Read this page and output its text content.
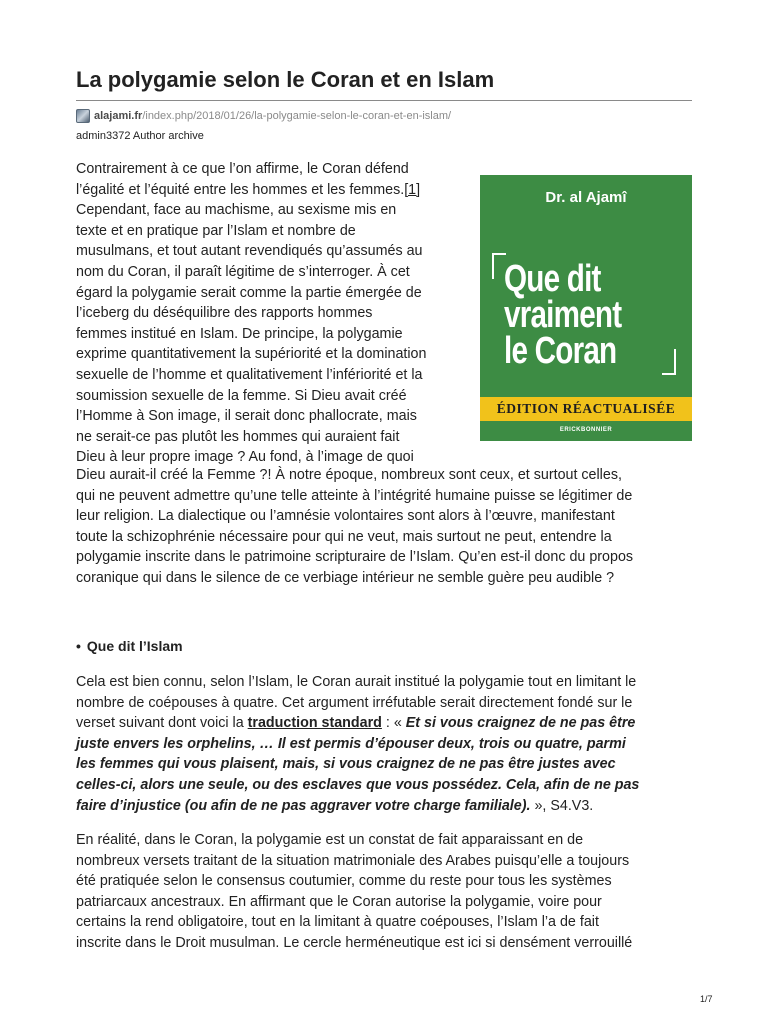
La polygamie selon le Coran et en Islam
alajami.fr /index.php/2018/01/26/la-polygamie-selon-le-coran-et-en-islam/
admin3372 Author archive
Contrairement à ce que l’on affirme, le Coran défend
l’égalité et l’équité entre les hommes et les femmes.[1]
Cependant, face au machisme, au sexisme mis en
texte et en pratique par l’Islam et nombre de
musulmans, et tout autant revendiqués qu’assumés au
nom du Coran, il paraît légitime de s’interroger. À cet
égard la polygamie serait comme la partie émergée de
l’iceberg du déséquilibre des rapports hommes
femmes institué en Islam. De principe, la polygamie
exprime quantitativement la supériorité et la domination
sexuelle de l’homme et qualitativement l’infériorité et la
soumission sexuelle de la femme. Si Dieu avait créé
l’Homme à Son image, il serait donc phallocrate, mais
ne serait-ce pas plutôt les hommes qui auraient fait
Dieu à leur propre image ? Au fond, à l’image de quoi
Dr. al Ajamî
Que dit
vraiment
le Coran
ÉDITION RÉACTUALISÉE
ERICKBONNIER
Dieu aurait-il créé la Femme ?! À notre époque, nombreux sont ceux, et surtout celles,
qui ne peuvent admettre qu’une telle atteinte à l’intégrité humaine puisse se légitimer de
leur religion. La dialectique ou l’amnésie volontaires sont alors à l’œuvre, manifestant
toute la schizophrénie nécessaire pour qui ne veut, mais surtout ne peut, entendre la
polygamie inscrite dans le patrimoine scripturaire de l’Islam. Qu’en est-il donc du propos
coranique qui dans le silence de ce verbiage intérieur ne semble guère peu audible ?
• Que dit l’Islam
Cela est bien connu, selon l’Islam, le Coran aurait institué la polygamie tout en limitant le
nombre de coépouses à quatre. Cet argument irréfutable serait directement fondé sur le
verset suivant dont voici la traduction standard : « Et si vous craignez de ne pas être
juste envers les orphelins, … Il est permis d’épouser deux, trois ou quatre, parmi
les femmes qui vous plaisent, mais, si vous craignez de ne pas être justes avec
celles-ci, alors une seule, ou des esclaves que vous possédez. Cela, afin de ne pas
faire d’injustice (ou afin de ne pas aggraver votre charge familiale). », S4.V3.
En réalité, dans le Coran, la polygamie est un constat de fait apparaissant en de
nombreux versets traitant de la situation matrimoniale des Arabes puisqu’elle a toujours
été pratiquée selon le consensus coutumier, comme du reste pour tous les systèmes
patriarcaux ancestraux. En affirmant que le Coran autorise la polygamie, voire pour
certains la rend obligatoire, tout en la limitant à quatre coépouses, l’Islam l’a de fait
inscrite dans le Droit musulman. Le cercle herméneutique est ici si densément verrouillé
1/7
